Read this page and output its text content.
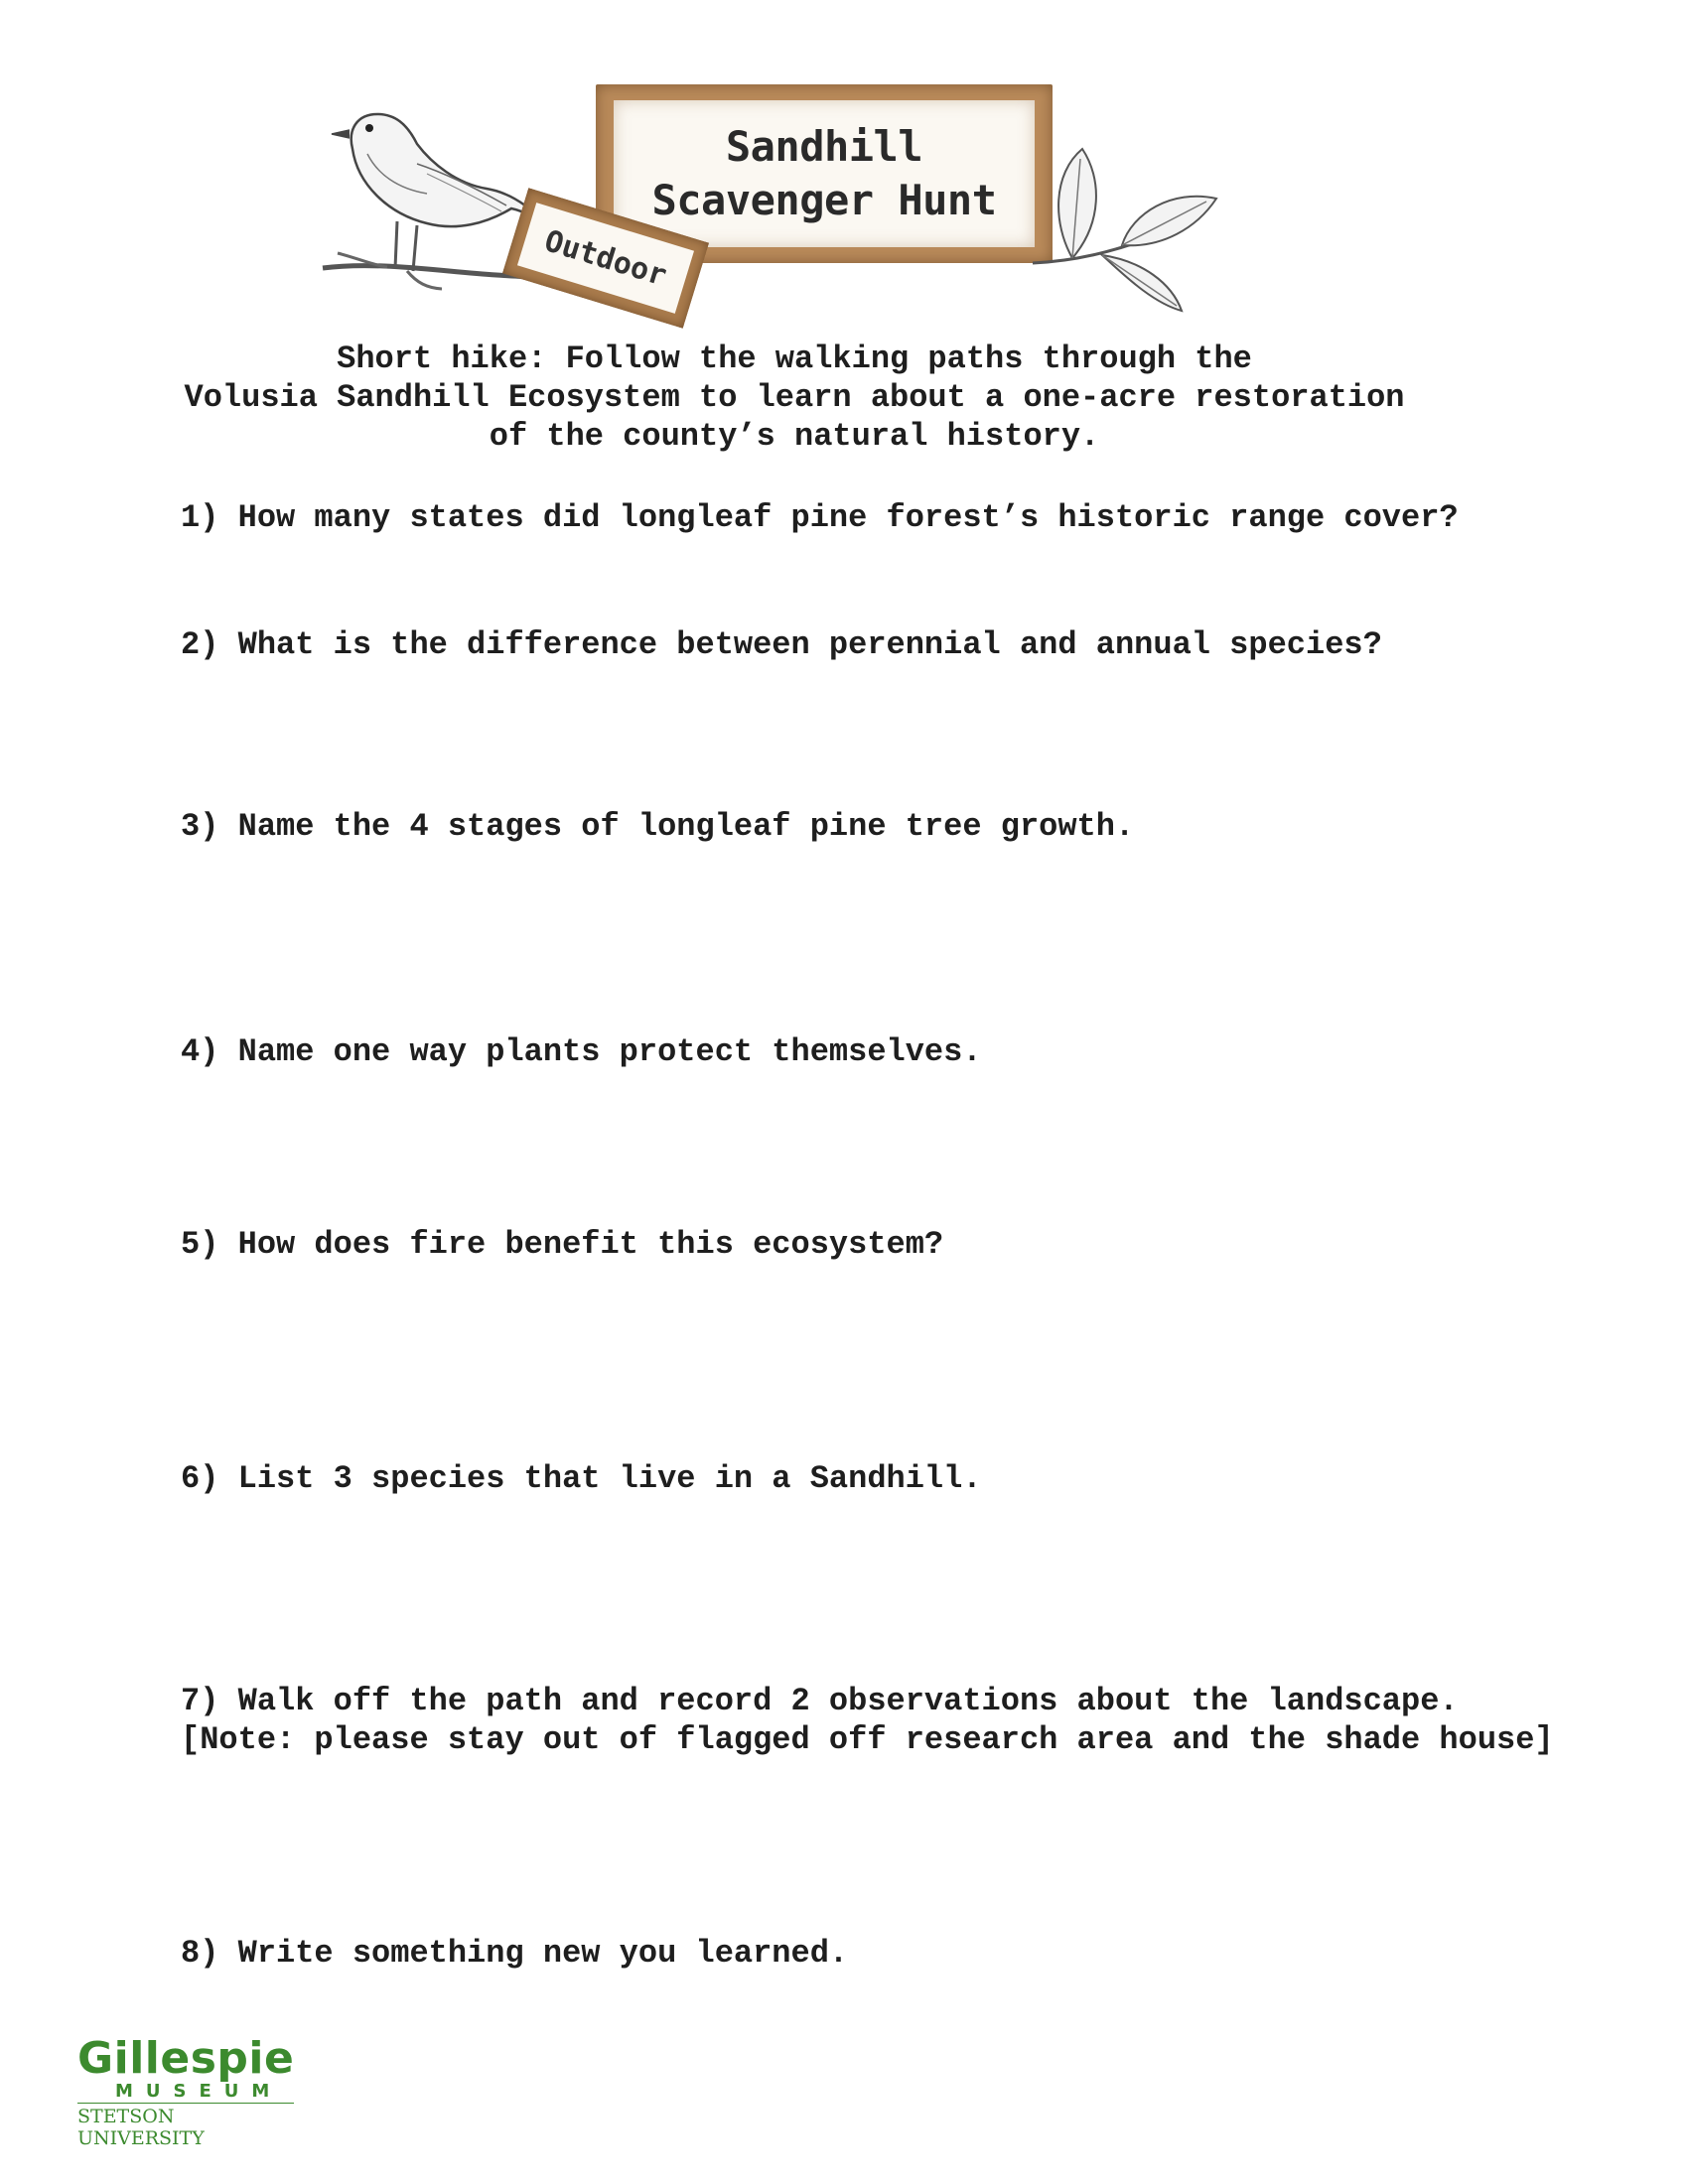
Sandhill
Scavenger Hunt
Outdoor
Short hike: Follow the walking paths through the
Volusia Sandhill Ecosystem to learn about a one-acre restoration
of the county’s natural history.
1) How many states did longleaf pine forest’s historic range cover?
2) What is the difference between perennial and annual species?
3) Name the 4 stages of longleaf pine tree growth.
4) Name one way plants protect themselves.
5) How does fire benefit this ecosystem?
6) List 3 species that live in a Sandhill.
7) Walk off the path and record 2 observations about the landscape.
[Note: please stay out of flagged off research area and the shade house]
8) Write something new you learned.
Gillespie
MUSEUM
STETSON UNIVERSITY
